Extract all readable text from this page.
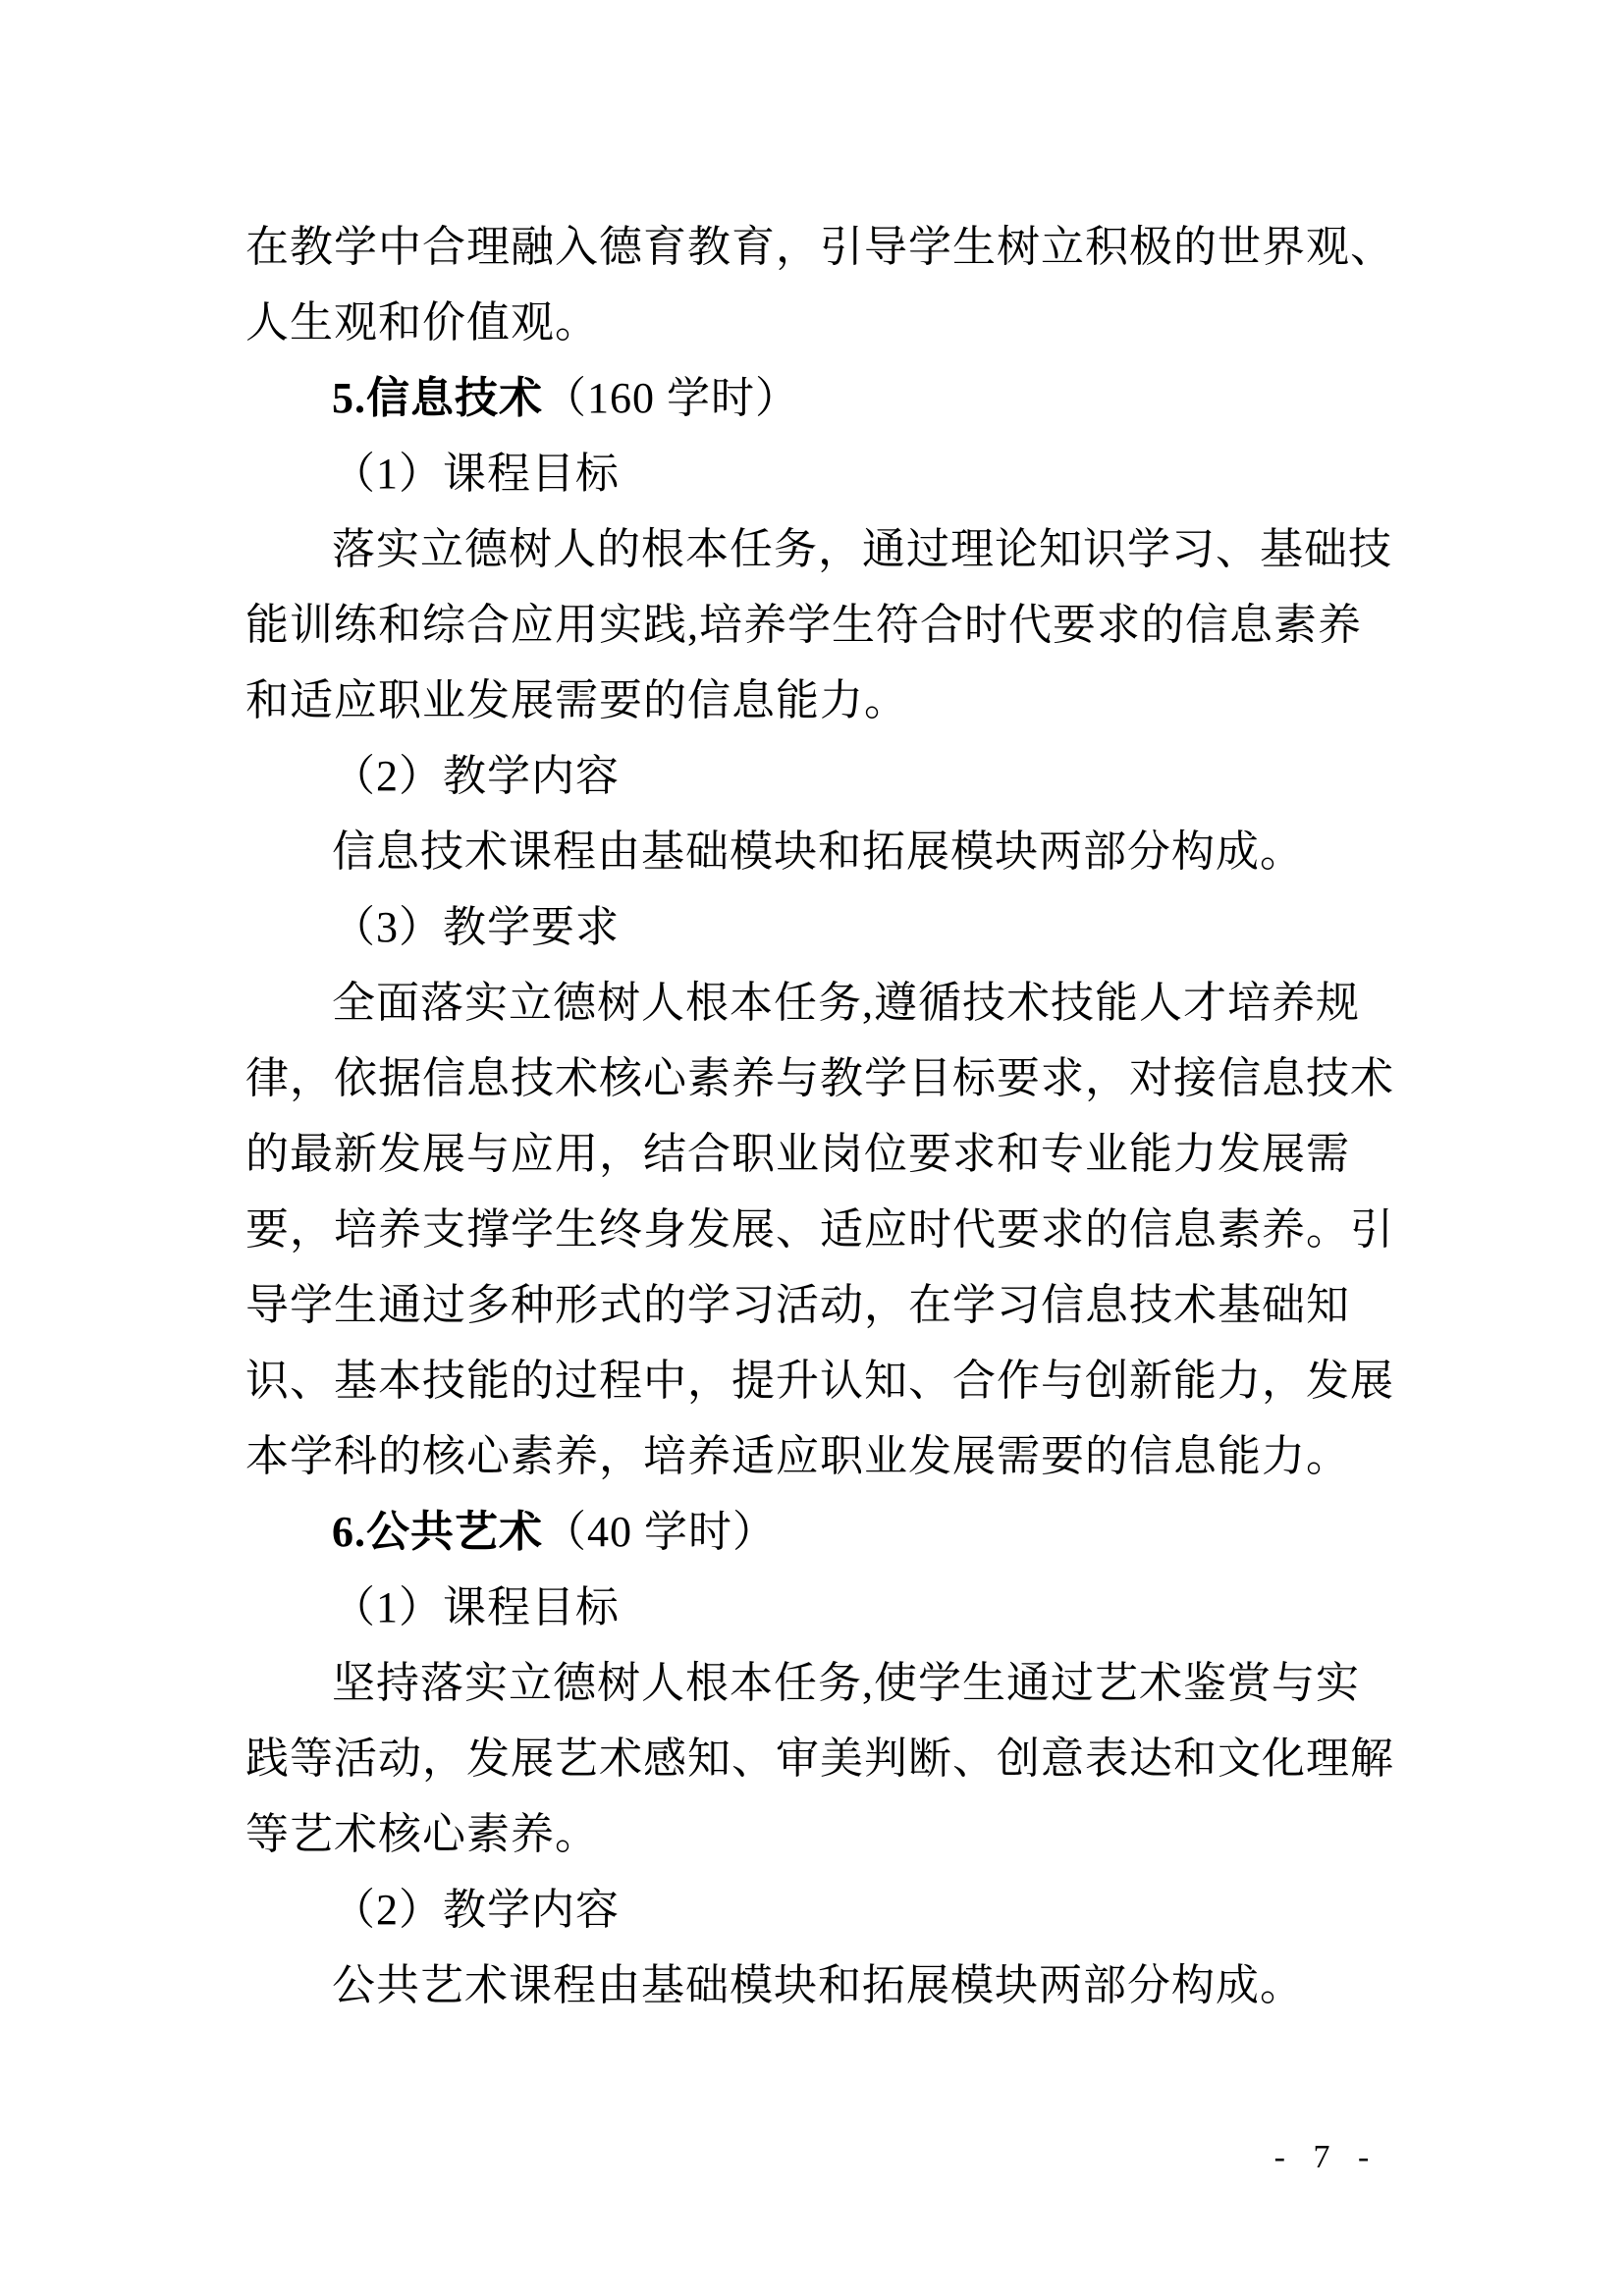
在教学中合理融入德育教育，引导学生树立积极的世界观、
人生观和价值观。
5.信息技术（160 学时）
（1）课程目标
落实立德树人的根本任务，通过理论知识学习、基础技
能训练和综合应用实践,培养学生符合时代要求的信息素养
和适应职业发展需要的信息能力。
（2）教学内容
信息技术课程由基础模块和拓展模块两部分构成。
（3）教学要求
全面落实立德树人根本任务,遵循技术技能人才培养规
律，依据信息技术核心素养与教学目标要求，对接信息技术
的最新发展与应用，结合职业岗位要求和专业能力发展需
要，培养支撑学生终身发展、适应时代要求的信息素养。引
导学生通过多种形式的学习活动，在学习信息技术基础知
识、基本技能的过程中，提升认知、合作与创新能力，发展
本学科的核心素养，培养适应职业发展需要的信息能力。
6.公共艺术（40 学时）
（1）课程目标
坚持落实立德树人根本任务,使学生通过艺术鉴赏与实
践等活动，发展艺术感知、审美判断、创意表达和文化理解
等艺术核心素养。
（2）教学内容
公共艺术课程由基础模块和拓展模块两部分构成。
- 7 -
